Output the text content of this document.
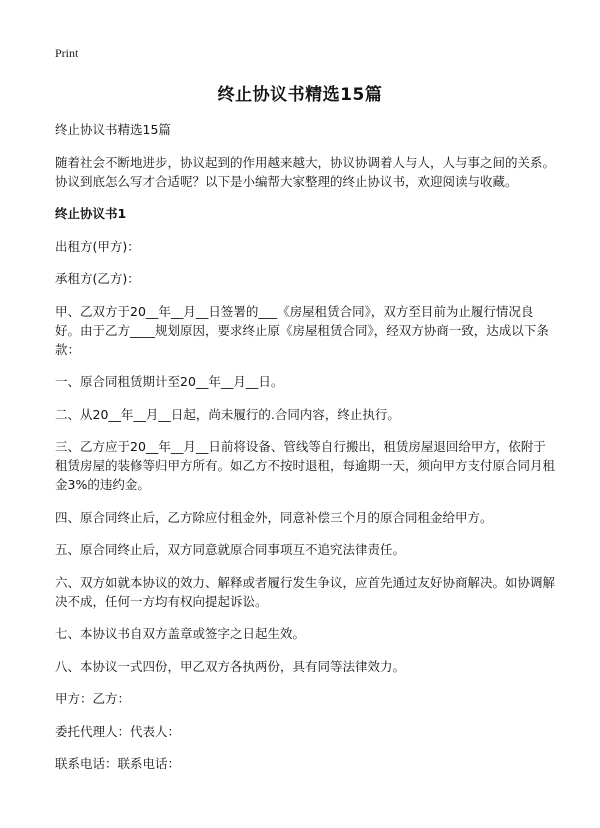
Print
终止协议书精选15篇

终止协议书精选15篇

随着社会不断地进步，协议起到的作用越来越大，协议协调着人与人，人与事之间的关系。协议到底怎么写才合适呢？以下是小编帮大家整理的终止协议书，欢迎阅读与收藏。

终止协议书1

出租方(甲方)：

承租方(乙方)：

甲、乙双方于20__年__月__日签署的___《房屋租赁合同》，双方至目前为止履行情况良好。由于乙方____规划原因，要求终止原《房屋租赁合同》，经双方协商一致，达成以下条款：

一、原合同租赁期计至20__年__月__日。

二、从20__年__月__日起，尚未履行的.合同内容，终止执行。

三、乙方应于20__年__月__日前将设备、管线等自行搬出，租赁房屋退回给甲方，依附于租赁房屋的装修等归甲方所有。如乙方不按时退租，每逾期一天，须向甲方支付原合同月租金3%的违约金。

四、原合同终止后，乙方除应付租金外，同意补偿三个月的原合同租金给甲方。

五、原合同终止后，双方同意就原合同事项互不追究法律责任。

六、双方如就本协议的效力、解释或者履行发生争议，应首先通过友好协商解决。如协调解决不成，任何一方均有权向提起诉讼。

七、本协议书自双方盖章或签字之日起生效。

八、本协议一式四份，甲乙双方各执两份，具有同等法律效力。

甲方：乙方：

委托代理人：代表人：

联系电话：联系电话：
